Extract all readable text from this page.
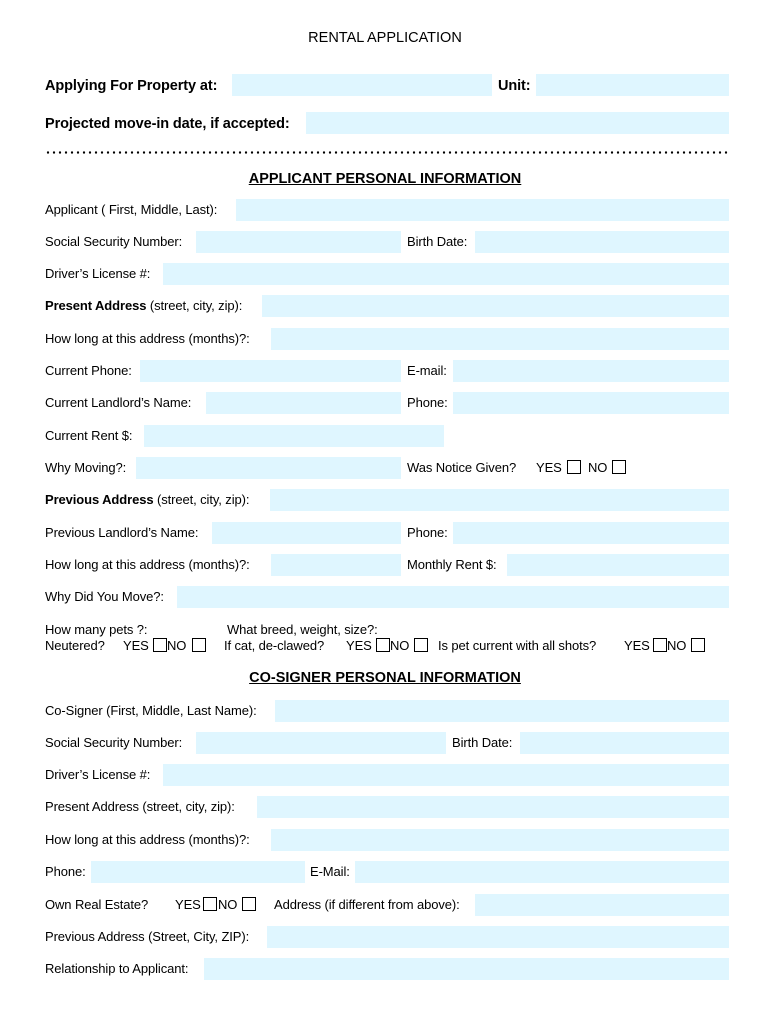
RENTAL APPLICATION
Applying For Property at:	Unit:
Projected move-in date, if accepted:
APPLICANT PERSONAL INFORMATION
Applicant ( First, Middle, Last):
Social Security Number:	Birth Date:
Driver’s License #:
Present Address (street, city, zip):
How long at this address (months)?:
Current Phone:	E-mail:
Current Landlord’s Name:	Phone:
Current Rent $:
Why Moving?:	Was Notice Given? YES NO
Previous Address (street, city, zip):
Previous Landlord’s Name:	Phone:
How long at this address (months)?:	Monthly Rent $:
Why Did You Move?:
How many pets ?:	What breed, weight, size?:
Neutered? YES NO	If cat, de-clawed? YES NO Is pet current with all shots? YES NO
CO-SIGNER PERSONAL INFORMATION
Co-Signer (First, Middle, Last Name):
Social Security Number:	Birth Date:
Driver’s License #:
Present Address (street, city, zip):
How long at this address (months)?:
Phone:	E-Mail:
Own Real Estate? YES NO	Address (if different from above):
Previous Address (Street, City, ZIP):
Relationship to Applicant:
